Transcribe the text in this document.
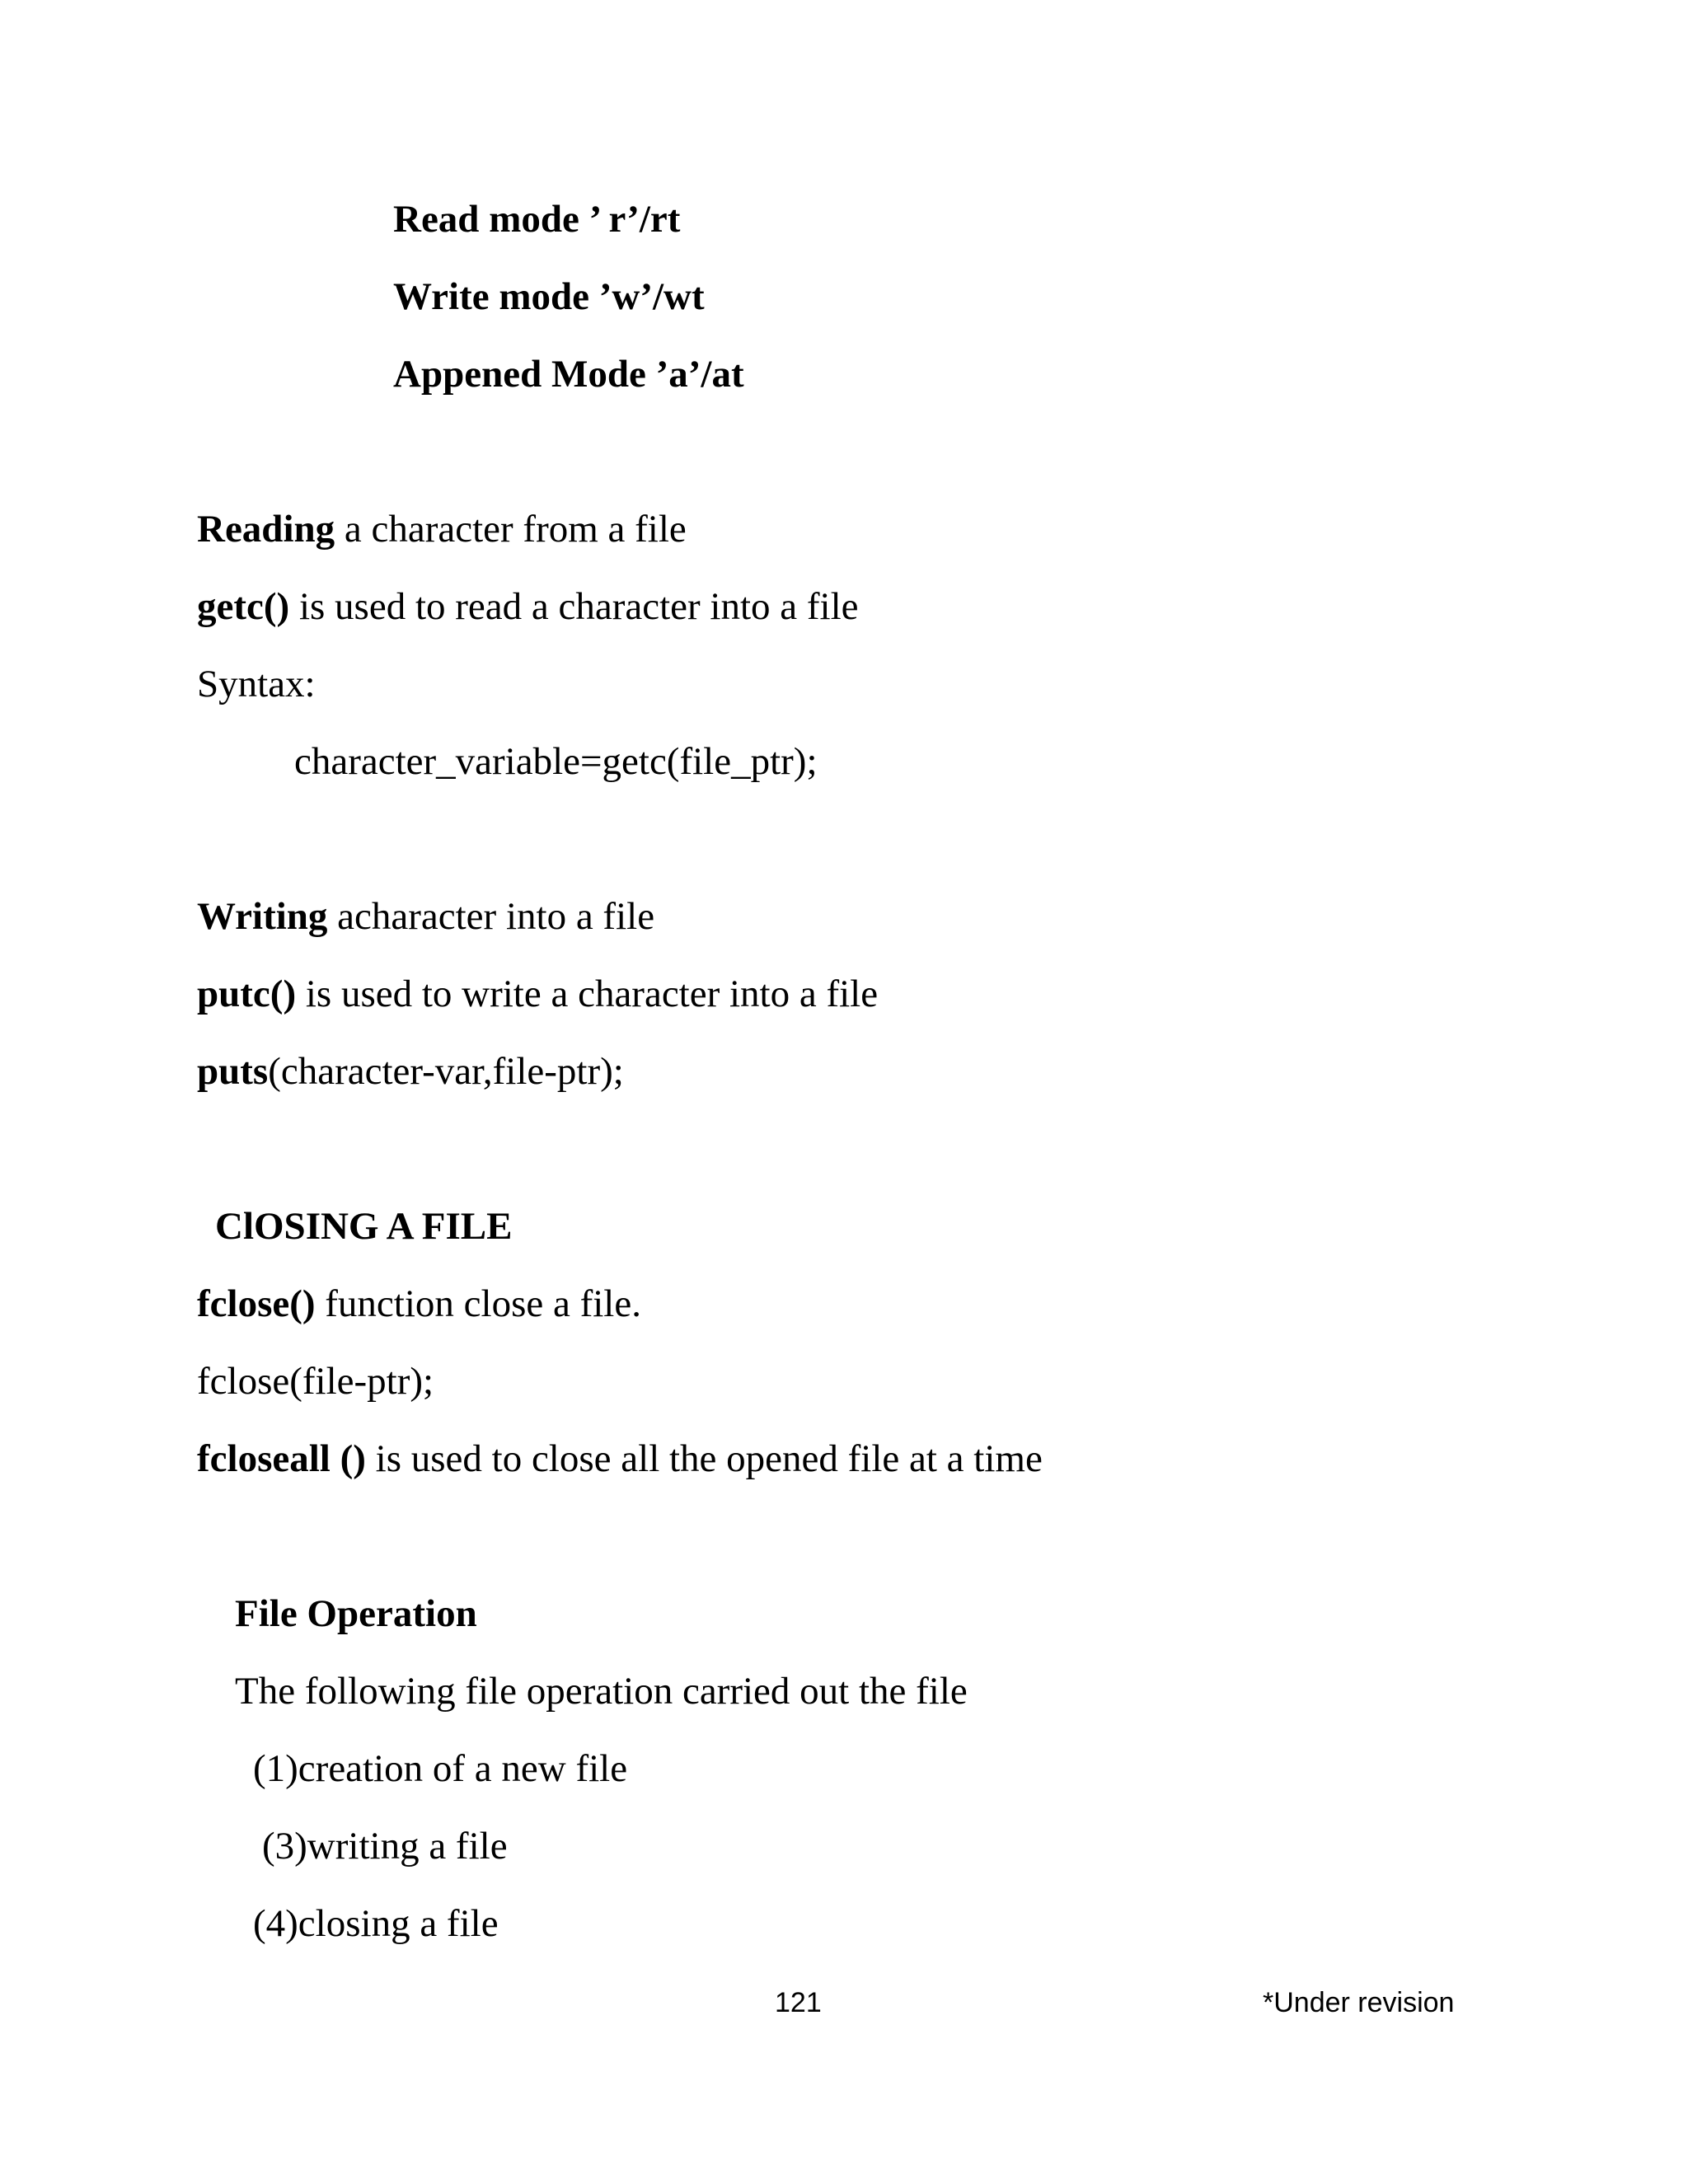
Read mode ’ r’/rt
Write mode ’w’/wt
Appened Mode ’a’/at
Reading a character from a file
getc() is used to read a character into a file
Syntax:
character_variable=getc(file_ptr);
Writing acharacter into a file
putc() is used to write a character into a file
puts(character-var,file-ptr);
ClOSING A FILE
fclose() function close a file.
fclose(file-ptr);
fcloseall () is used to close all the opened file at a time
File Operation
The following file operation carried out the file
(1)creation of a new file
(3)writing a file
(4)closing a file
121	*Under revision
